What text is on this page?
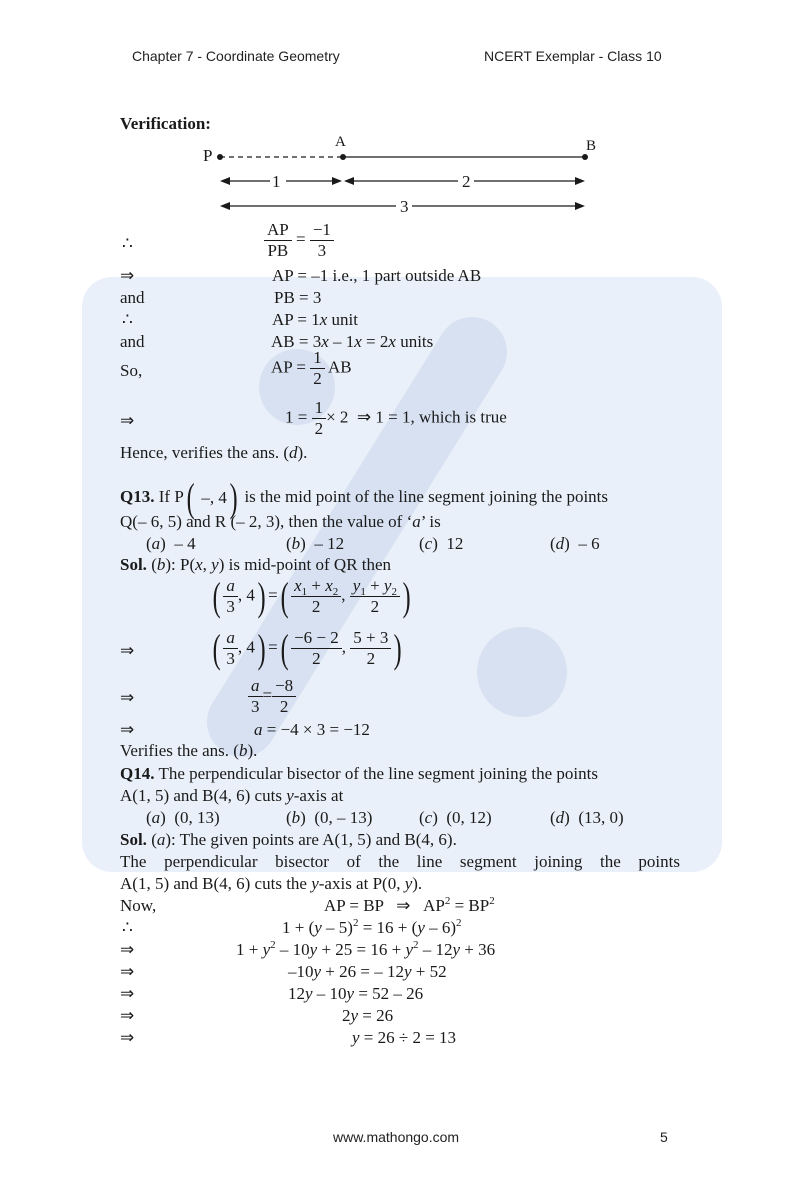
Chapter 7 - Coordinate Geometry	NCERT Exemplar - Class 10
Verification:
P
A	B
1	2
3
∴	$\frac{AP}{PB} = \frac{-1}{3}$
⇒	AP = –1 i.e., 1 part outside AB
and	PB = 3
∴	AP = 1x unit
and	AB = 3x – 1x = 2x units
So,	AP = $\frac{1}{2}$ AB
⇒	$1 = \frac{1}{2} \times 2$  ⇒ 1 = 1, which is true
Hence, verifies the ans. (d).
Q13. If P( –, 4 ) is the mid point of the line segment joining the points
Q(– 6, 5) and R (– 2, 3), then the value of ‘a’ is
(a)  – 4	(b)  – 12	(c)  12	(d)  – 6
Sol. (b): P(x, y) is mid-point of QR then
( $\frac{a}{3}$ , 4) =( $\frac{x_1 + x_2}{2}$ , $\frac{y_1 + y_2}{2}$ )
⇒ ( $\frac{a}{3}$ , 4) =( $\frac{-6 - 2}{2}$ , $\frac{5 + 3}{2}$ )
⇒	$\frac{a}{3} = \frac{-8}{2}$
⇒	a = −4 × 3 = −12
Verifies the ans. (b).
Q14. The perpendicular bisector of the line segment joining the points
A(1, 5) and B(4, 6) cuts y-axis at
(a)  (0, 13)	(b)  (0, – 13)	(c)  (0, 12)	(d)  (13, 0)
Sol. (a): The given points are A(1, 5) and B(4, 6).
The perpendicular bisector of the line segment joining the points
A(1, 5) and B(4, 6) cuts the y-axis at P(0, y).
Now,	AP = BP   ⇒   $AP^2 = BP^2$
∴	1 + (y – 5)$^2$ = 16 + (y – 6)$^2$
⇒	$1 + y^2 - 10y + 25 = 16 + y^2 - 12y + 36$
⇒	–10y + 26 = – 12y + 52
⇒	12y – 10y = 52 – 26
⇒	2y = 26
⇒	y = 26 ÷ 2 = 13
www.mathongo.com	5
